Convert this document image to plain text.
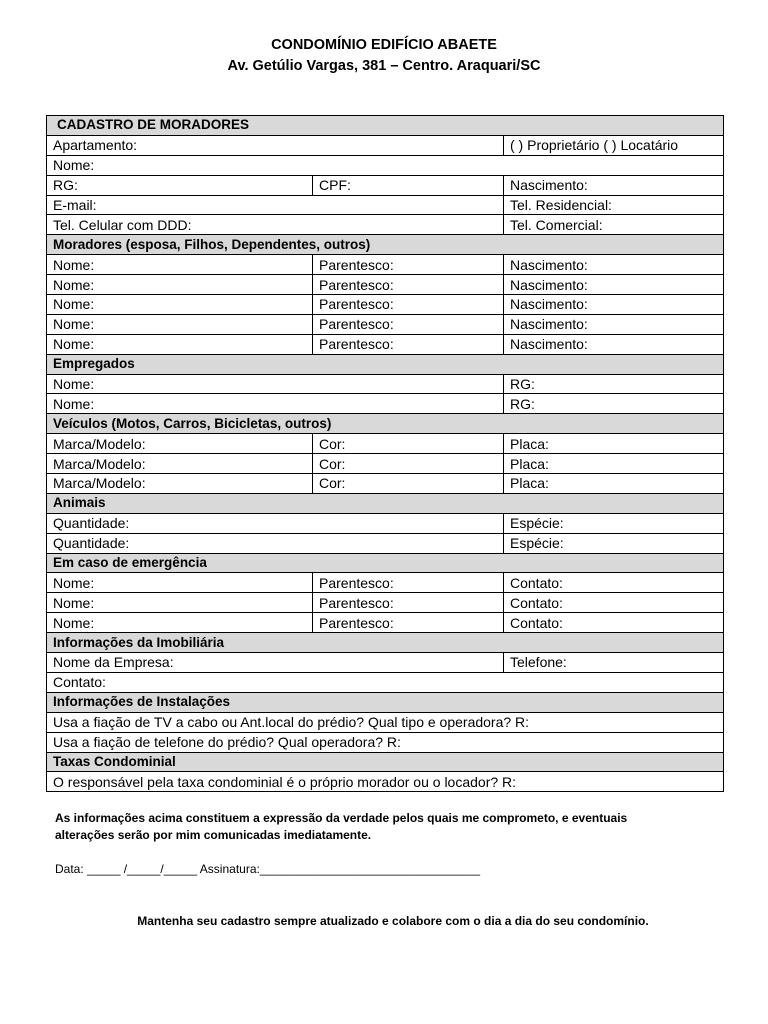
CONDOMÍNIO EDIFÍCIO ABAETE
Av. Getúlio Vargas, 381 – Centro. Araquari/SC
CADASTRO DE MORADORES		
Apartamento:		( ) Proprietário ( ) Locatário
Nome:		
RG:	CPF:	Nascimento:
E-mail:		Tel. Residencial:
Tel. Celular com DDD:		Tel. Comercial:
Moradores (esposa, Filhos, Dependentes, outros)		
Nome:	Parentesco:	Nascimento:
Nome:	Parentesco:	Nascimento:
Nome:	Parentesco:	Nascimento:
Nome:	Parentesco:	Nascimento:
Nome:	Parentesco:	Nascimento:
Empregados		
Nome:		RG:
Nome:		RG:
Veículos (Motos, Carros, Bicicletas, outros)		
Marca/Modelo:	Cor:	Placa:
Marca/Modelo:	Cor:	Placa:
Marca/Modelo:	Cor:	Placa:
Animais		
Quantidade:		Espécie:
Quantidade:		Espécie:
Em caso de emergência		
Nome:	Parentesco:	Contato:
Nome:	Parentesco:	Contato:
Nome:	Parentesco:	Contato:
Informações da Imobiliária		
Nome da Empresa:		Telefone:
Contato:		
Informações de Instalações		
Usa a fiação de TV a cabo ou Ant.local do prédio? Qual tipo e operadora? R:		
Usa a fiação de telefone do prédio? Qual operadora? R:		
Taxas Condominial		
O responsável pela taxa condominial é o próprio morador ou o locador? R:		
As informações acima constituem a expressão da verdade pelos quais me comprometo, e eventuais
alterações serão por mim comunicadas imediatamente.
Data: _____ /_____/_____ Assinatura:_________________________________
Mantenha seu cadastro sempre atualizado e colabore com o dia a dia do seu condomínio.
